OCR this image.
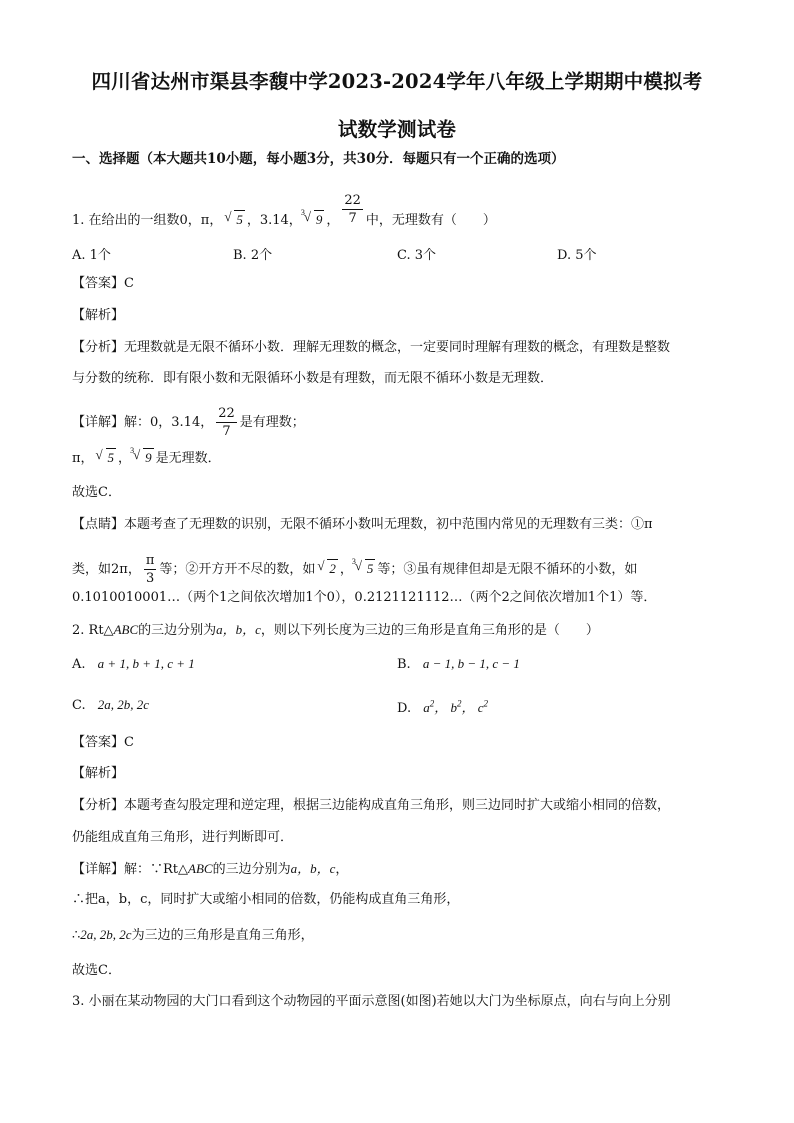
四川省达州市渠县李馥中学2023-2024学年八年级上学期期中模拟考
试数学测试卷
一、选择题（本大题共10小题，每小题3分，共30分．每题只有一个正确的选项）
1. 在给出的一组数0，π， √ 5 ，3.14，
3 √ 9 ， $\frac{22}{7}$ 中，无理数有（　　）
A. 1个	B. 2个	C. 3个	D. 5个
【答案】C
【解析】
【分析】无理数就是无限不循环小数．理解无理数的概念，一定要同时理解有理数的概念，有理数是整数
与分数的统称．即有限小数和无限循环小数是有理数，而无限不循环小数是无理数．
【详解】解：0，3.14， $\frac{22}{7}$ 是有理数；
π， √ 5 ，
3 √ 9 是无理数．
故选C．
【点睛】本题考查了无理数的识别，无限不循环小数叫无理数，初中范围内常见的无理数有三类：①π
类，如2π， $\frac{\pi}{3}$ 等；②开方开不尽的数，如 √ 2 ，
3 √ 5 等；③虽有规律但却是无限不循环的小数，如
0.1010010001…（两个1之间依次增加1个0），0.2121121112…（两个2之间依次增加1个1）等．
2. Rt△ABC的三边分别为a，b，c，则以下列长度为三边的三角形是直角三角形的是（　　）
A. a + 1, b + 1, c + 1	B. a − 1, b − 1, c − 1
C. 2a, 2b, 2c	D. $a^2$， $b^2$， $c^2$
【答案】C
【解析】
【分析】本题考查勾股定理和逆定理，根据三边能构成直角三角形，则三边同时扩大或缩小相同的倍数，
仍能组成直角三角形，进行判断即可．
【详解】解：∵Rt△ABC的三边分别为a，b，c，
∴把a，b，c，同时扩大或缩小相同的倍数，仍能构成直角三角形，
∴2a, 2b, 2c为三边的三角形是直角三角形，
故选C．
3. 小丽在某动物园的大门口看到这个动物园的平面示意图(如图)若她以大门为坐标原点，向右与向上分别
